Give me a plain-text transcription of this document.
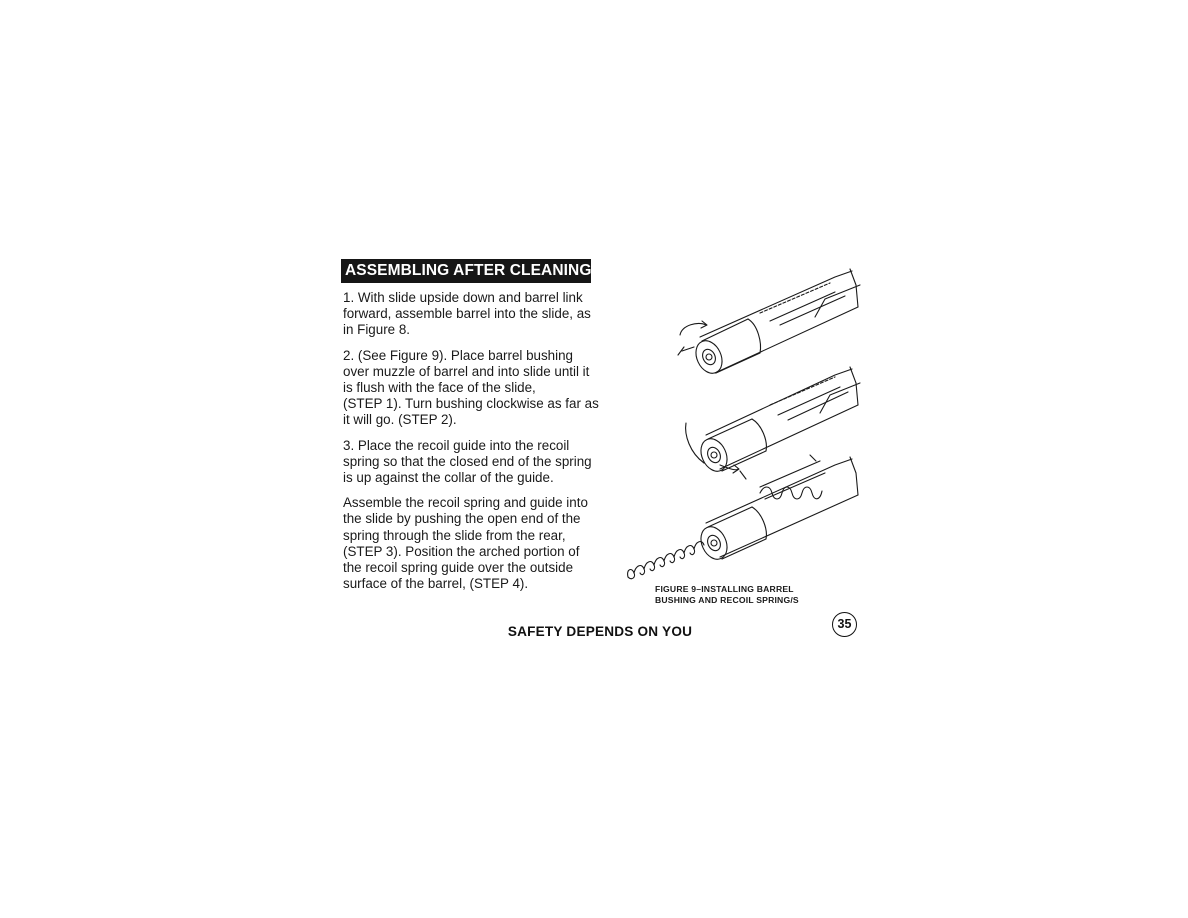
ASSEMBLING AFTER CLEANING

1. With slide upside down and barrel link
forward, assemble barrel into the slide, as
in Figure 8.

2. (See Figure 9). Place barrel bushing
over muzzle of barrel and into slide until it
is flush with the face of the slide,
(STEP 1). Turn bushing clockwise as far as
it will go. (STEP 2).

3. Place the recoil guide into the recoil
spring so that the closed end of the spring
is up against the collar of the guide.

Assemble the recoil spring and guide into
the slide by pushing the open end of the
spring through the slide from the rear,
(STEP 3). Position the arched portion of
the recoil spring guide over the outside
surface of the barrel, (STEP 4).	FIGURE 9–INSTALLING BARREL
BUSHING AND RECOIL SPRING/S
SAFETY DEPENDS ON YOU	35
